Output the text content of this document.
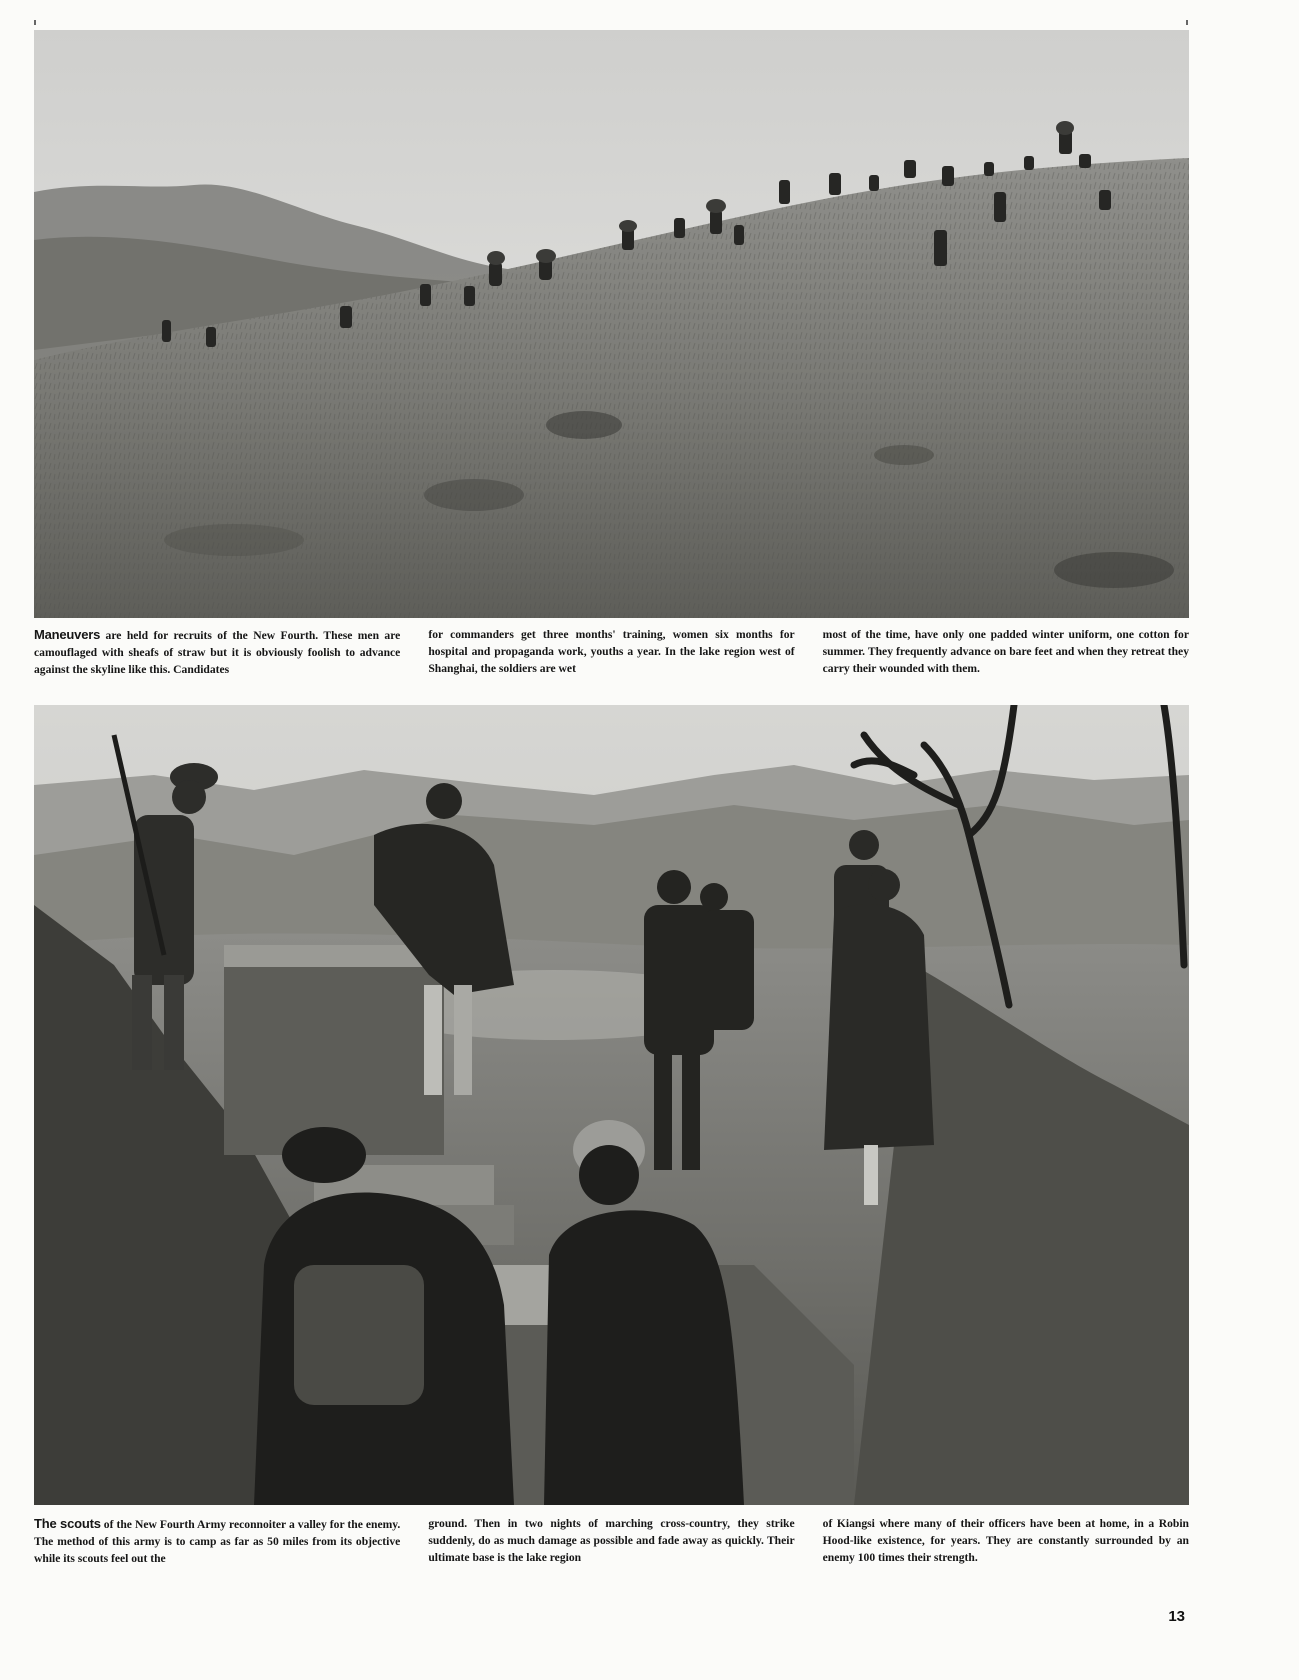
Maneuvers are held for recruits of the New Fourth. These men are camouflaged with sheafs of straw but it is obviously foolish to advance against the skyline like this. Candidates

for commanders get three months' training, women six months for hospital and propaganda work, youths a year. In the lake region west of Shanghai, the soldiers are wet

most of the time, have only one padded winter uniform, one cotton for summer. They frequently advance on bare feet and when they retreat they carry their wounded with them.

The scouts of the New Fourth Army reconnoiter a valley for the enemy. The method of this army is to camp as far as 50 miles from its objective while its scouts feel out the

ground. Then in two nights of marching cross-country, they strike suddenly, do as much damage as possible and fade away as quickly. Their ultimate base is the lake region

of Kiangsi where many of their officers have been at home, in a Robin Hood-like existence, for years. They are constantly surrounded by an enemy 100 times their strength.

13
